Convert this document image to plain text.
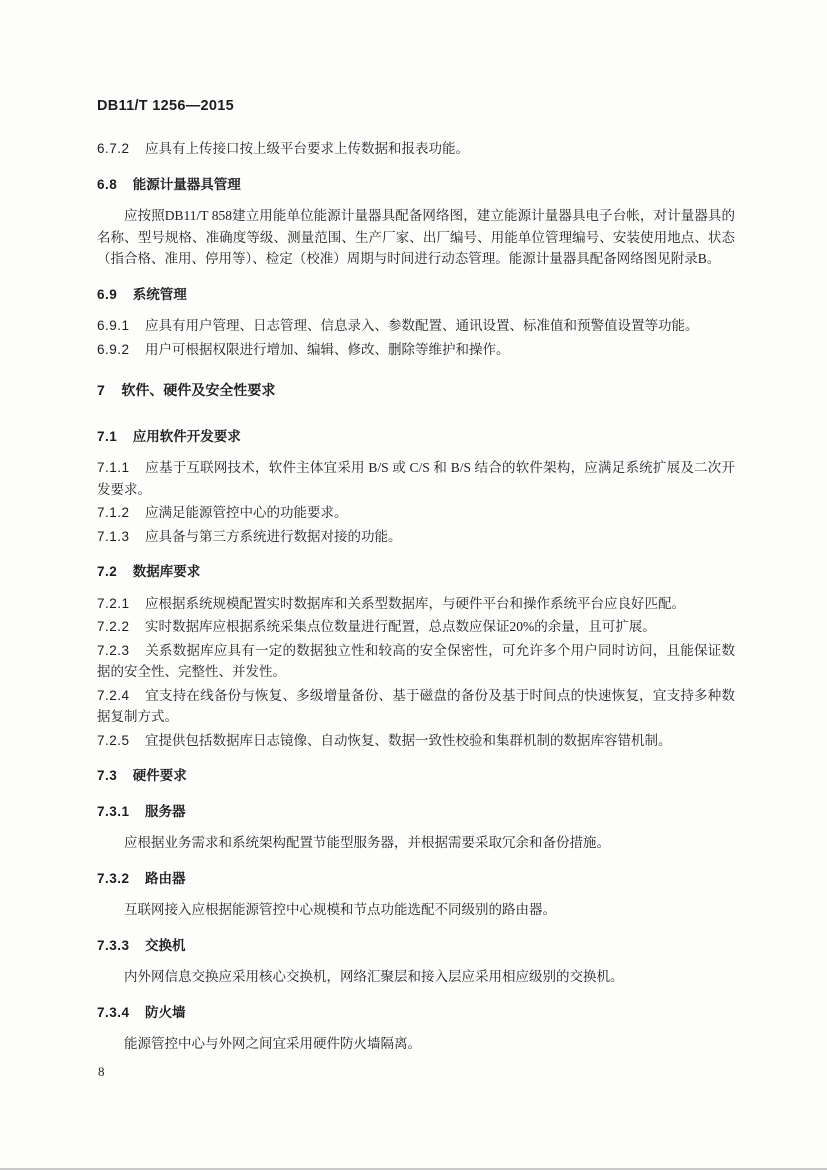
DB11/T 1256—2015

6.7.2 应具有上传接口按上级平台要求上传数据和报表功能。

6.8 能源计量器具管理

应按照DB11/T 858建立用能单位能源计量器具配备网络图，建立能源计量器具电子台帐，对计量器具的名称、型号规格、准确度等级、测量范围、生产厂家、出厂编号、用能单位管理编号、安装使用地点、状态（指合格、准用、停用等）、检定（校准）周期与时间进行动态管理。能源计量器具配备网络图见附录B。

6.9 系统管理

6.9.1 应具有用户管理、日志管理、信息录入、参数配置、通讯设置、标准值和预警值设置等功能。

6.9.2 用户可根据权限进行增加、编辑、修改、删除等维护和操作。

7 软件、硬件及安全性要求

7.1 应用软件开发要求

7.1.1 应基于互联网技术，软件主体宜采用 B/S 或 C/S 和 B/S 结合的软件架构，应满足系统扩展及二次开发要求。

7.1.2 应满足能源管控中心的功能要求。

7.1.3 应具备与第三方系统进行数据对接的功能。

7.2 数据库要求

7.2.1 应根据系统规模配置实时数据库和关系型数据库，与硬件平台和操作系统平台应良好匹配。

7.2.2 实时数据库应根据系统采集点位数量进行配置，总点数应保证20%的余量，且可扩展。

7.2.3 关系数据库应具有一定的数据独立性和较高的安全保密性，可允许多个用户同时访问，且能保证数据的安全性、完整性、并发性。

7.2.4 宜支持在线备份与恢复、多级增量备份、基于磁盘的备份及基于时间点的快速恢复，宜支持多种数据复制方式。

7.2.5 宜提供包括数据库日志镜像、自动恢复、数据一致性校验和集群机制的数据库容错机制。

7.3 硬件要求

7.3.1 服务器

应根据业务需求和系统架构配置节能型服务器，并根据需要采取冗余和备份措施。

7.3.2 路由器

互联网接入应根据能源管控中心规模和节点功能选配不同级别的路由器。

7.3.3 交换机

内外网信息交换应采用核心交换机，网络汇聚层和接入层应采用相应级别的交换机。

7.3.4 防火墙

能源管控中心与外网之间宜采用硬件防火墙隔离。

8
